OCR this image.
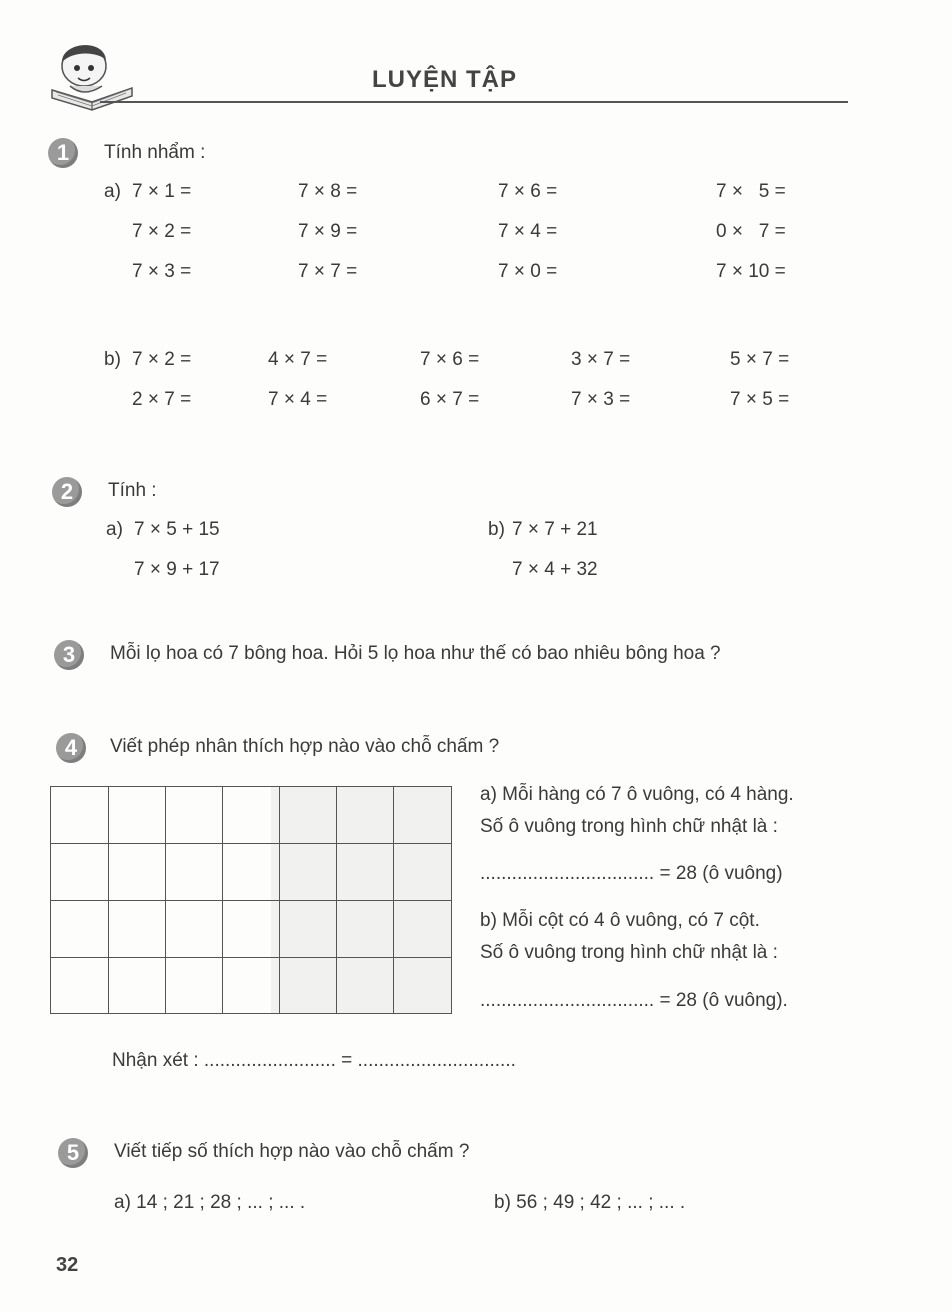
LUYỆN TẬP
1	Tính nhẩm :
a) 7 × 1 =	7 × 8 =	7 × 6 =	7 ×   5 =
7 × 2 =	7 × 9 =	7 × 4 =	0 ×   7 =
7 × 3 =	7 × 7 =	7 × 0 =	7 × 10 =
b) 7 × 2 =	4 × 7 =	7 × 6 =	3 × 7 =	5 × 7 =
2 × 7 =	7 × 4 =	6 × 7 =	7 × 3 =	7 × 5 =
2	Tính :
a) 7 × 5 + 15
7 × 9 + 17
b) 7 × 7 + 21
7 × 4 + 32
3	Mỗi lọ hoa có 7 bông hoa. Hỏi 5 lọ hoa như thế có bao nhiêu bông hoa ?
4	Viết phép nhân thích hợp nào vào chỗ chấm ?
a) Mỗi hàng có 7 ô vuông, có 4 hàng.
Số ô vuông trong hình chữ nhật là :
................................. = 28 (ô vuông)
b) Mỗi cột có 4 ô vuông, có 7 cột.
Số ô vuông trong hình chữ nhật là :
................................. = 28 (ô vuông).
Nhận xét : ......................... = ..............................
5	Viết tiếp số thích hợp nào vào chỗ chấm ?
a) 14 ; 21 ; 28 ; ... ; ... .	b) 56 ; 49 ; 42 ; ... ; ... .
32
